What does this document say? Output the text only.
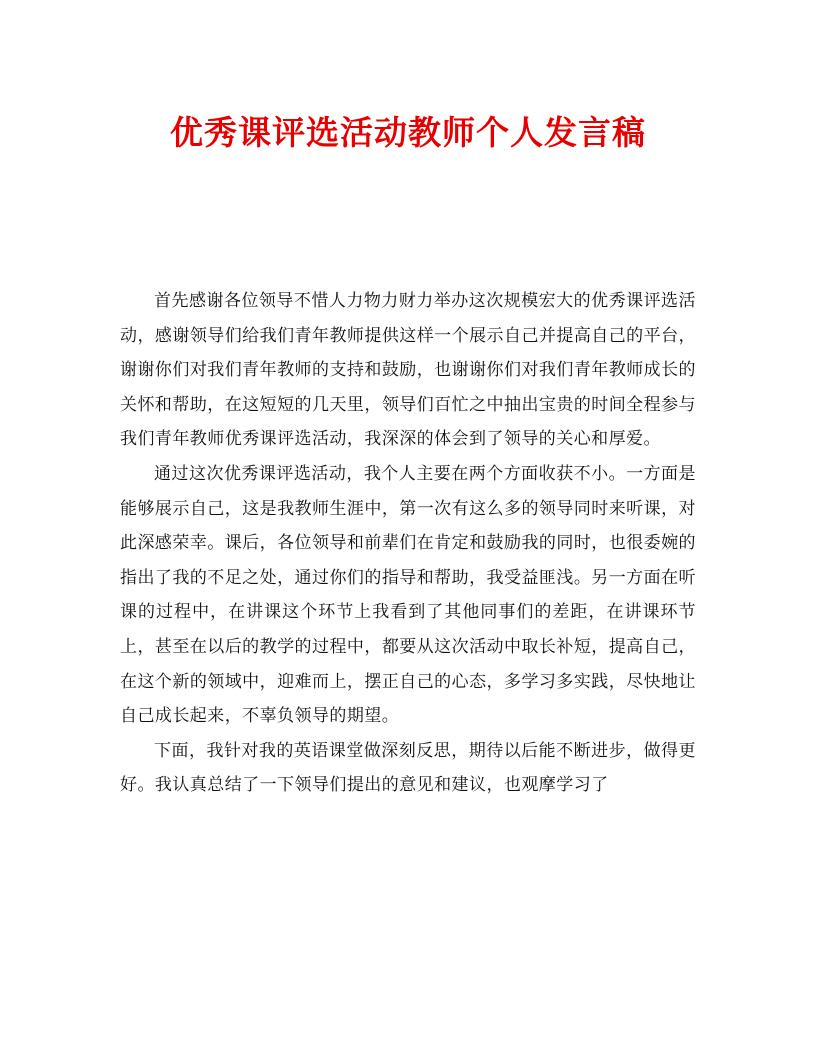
优秀课评选活动教师个人发言稿

首先感谢各位领导不惜人力物力财力举办这次规模宏大的优秀课评选活动，感谢领导们给我们青年教师提供这样一个展示自己并提高自己的平台，谢谢你们对我们青年教师的支持和鼓励，也谢谢你们对我们青年教师成长的关怀和帮助，在这短短的几天里，领导们百忙之中抽出宝贵的时间全程参与我们青年教师优秀课评选活动，我深深的体会到了领导的关心和厚爱。

通过这次优秀课评选活动，我个人主要在两个方面收获不小。一方面是能够展示自己，这是我教师生涯中，第一次有这么多的领导同时来听课，对此深感荣幸。课后，各位领导和前辈们在肯定和鼓励我的同时，也很委婉的指出了我的不足之处，通过你们的指导和帮助，我受益匪浅。另一方面在听课的过程中，在讲课这个环节上我看到了其他同事们的差距，在讲课环节上，甚至在以后的教学的过程中，都要从这次活动中取长补短，提高自己，在这个新的领域中，迎难而上，摆正自己的心态，多学习多实践，尽快地让自己成长起来，不辜负领导的期望。

下面，我针对我的英语课堂做深刻反思，期待以后能不断进步，做得更好。我认真总结了一下领导们提出的意见和建议，也观摩学习了
